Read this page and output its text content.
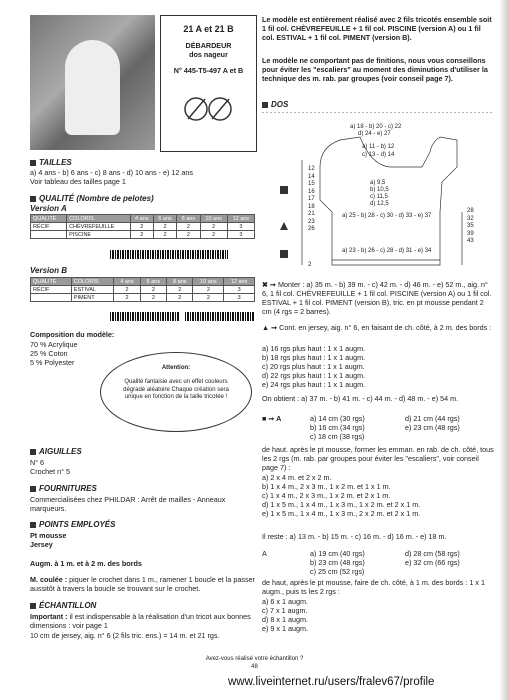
21 A et 21 B
DÉBARDEUR
dos nageur
N° 445-T5-497 A et B
Le modèle est entièrement réalisé avec 2 fils tricotés ensemble soit 1 fil col. CHÈVREFEUILLE + 1 fil col. PISCINE (version A) ou 1 fil col. ESTIVAL + 1 fil col. PIMENT (version B).
Le modèle ne comportant pas de finitions, nous vous conseillons pour éviter les "escaliers" au moment des diminutions d'utiliser la technique des m. rab. par groupes (voir conseil page 7).
DOS
a) 18 - b) 20 - c) 22
d) 24 - e) 27
a) 11 - b) 12
c) 13 - d) 14
a) 9,5
b) 10,5
c) 11,5
d) 12,5
a) 25 - b) 28 - c) 30 - d) 33 - e) 37
a) 23 - b) 26 - c) 28 - d) 31 - e) 34
12
14
15
16
17
18
21
23
26
28
32
35
39
43
2
TAILLES
a) 4 ans - b) 6 ans - c) 8 ans - d) 10 ans - e) 12 ans
Voir tableau des tailles page 1
QUALITÉ (Nombre de pelotes)
Version A
QUALITÉ	COLORIS	4 ans	6 ans	8 ans	10 ans	12 ans
RÉCIF	CHÈVREFEUILLE	2	2	2	2	3
	PISCINE	2	2	2	2	3
Version B
QUALITÉ	COLORIS	4 ans	6 ans	8 ans	10 ans	12 ans
RÉCIF	ESTIVAL	2	2	2	2	3
	PIMENT	2	2	2	2	3
Composition du modèle:
70 % Acrylique
25 % Coton
5 % Polyester
Attention:
Qualité fantaisie avec un effet couleurs dégradé aléatoire Chaque création sera unique en fonction de la taille tricotée !
AIGUILLES
N° 6
Crochet n° 5
FOURNITURES
Commercialisées chez PHILDAR : Arrêt de mailles - Anneaux marqueurs.
POINTS EMPLOYÉS
Pt mousse
Jersey
Augm. à 1 m. et à 2 m. des bords
M. coulée : piquer le crochet dans 1 m., ramener 1 boucle et la passer aussitôt à travers la boucle se trouvant sur le crochet.
ÉCHANTILLON
Important : il est indispensable à la réalisation d'un tricot aux bonnes dimensions : voir page 1
10 cm de jersey, aig. n° 6 (2 fils tric. ens.) = 14 m. et 21 rgs.
✖ ➞ Monter : a) 35 m. - b) 39 m. - c) 42 m. - d) 46 m. - e) 52 m., aig. n° 6, 1 fil col. CHÈVREFEUILLE + 1 fil col. PISCINE (version A) ou 1 fil col. ESTIVAL + 1 fil col. PIMENT (version B), tric. en pt mousse pendant 2 cm (4 rgs = 2 barres).
▲ ➞ Cont. en jersey, aig. n° 6, en faisant de ch. côté, à 2 m. des bords :
a) 16 rgs plus haut : 1 x 1 augm.
b) 18 rgs plus haut : 1 x 1 augm.
c) 20 rgs plus haut : 1 x 1 augm.
d) 22 rgs plus haut : 1 x 1 augm.
e) 24 rgs plus haut : 1 x 1 augm.
On obtient : a) 37 m. - b) 41 m. - c) 44 m. - d) 48 m. - e) 54 m.
■ ➞ A	a) 14 cm (30 rgs)
b) 16 cm (34 rgs)
c) 18 cm (38 rgs)
d) 21 cm (44 rgs)
e) 23 cm (48 rgs)
de haut. après le pt mousse, former les emman. en rab. de ch. côté, tous les 2 rgs (m. rab. par groupes pour éviter les "escaliers", voir conseil page 7) :
a) 2 x 4 m. et 2 x 2 m.
b) 1 x 4 m., 2 x 3 m., 1 x 2 m. et 1 x 1 m.
c) 1 x 4 m., 2 x 3 m., 1 x 2 m. et 2 x 1 m.
d) 1 x 5 m., 1 x 4 m., 1 x 3 m., 1 x 2 m. et 2 x 1 m.
e) 1 x 5 m., 1 x 4 m., 1 x 3 m., 2 x 2 m. et 2 x 1 m.
Il reste : a) 13 m. - b) 15 m. - c) 16 m. - d) 16 m. - e) 18 m.
A	a) 19 cm (40 rgs)
b) 23 cm (48 rgs)
c) 25 cm (52 rgs)
d) 28 cm (58 rgs)
e) 32 cm (66 rgs)
de haut, après le pt mousse, faire de ch. côté, à 1 m. des bords : 1 x 1 augm., puis ts les 2 rgs :
a) 6 x 1 augm.
c) 7 x 1 augm.
d) 8 x 1 augm.
e) 9 x 1 augm.
Avez-vous réalisé votre échantillon ?
48
www.liveinternet.ru/users/fralev67/profile
